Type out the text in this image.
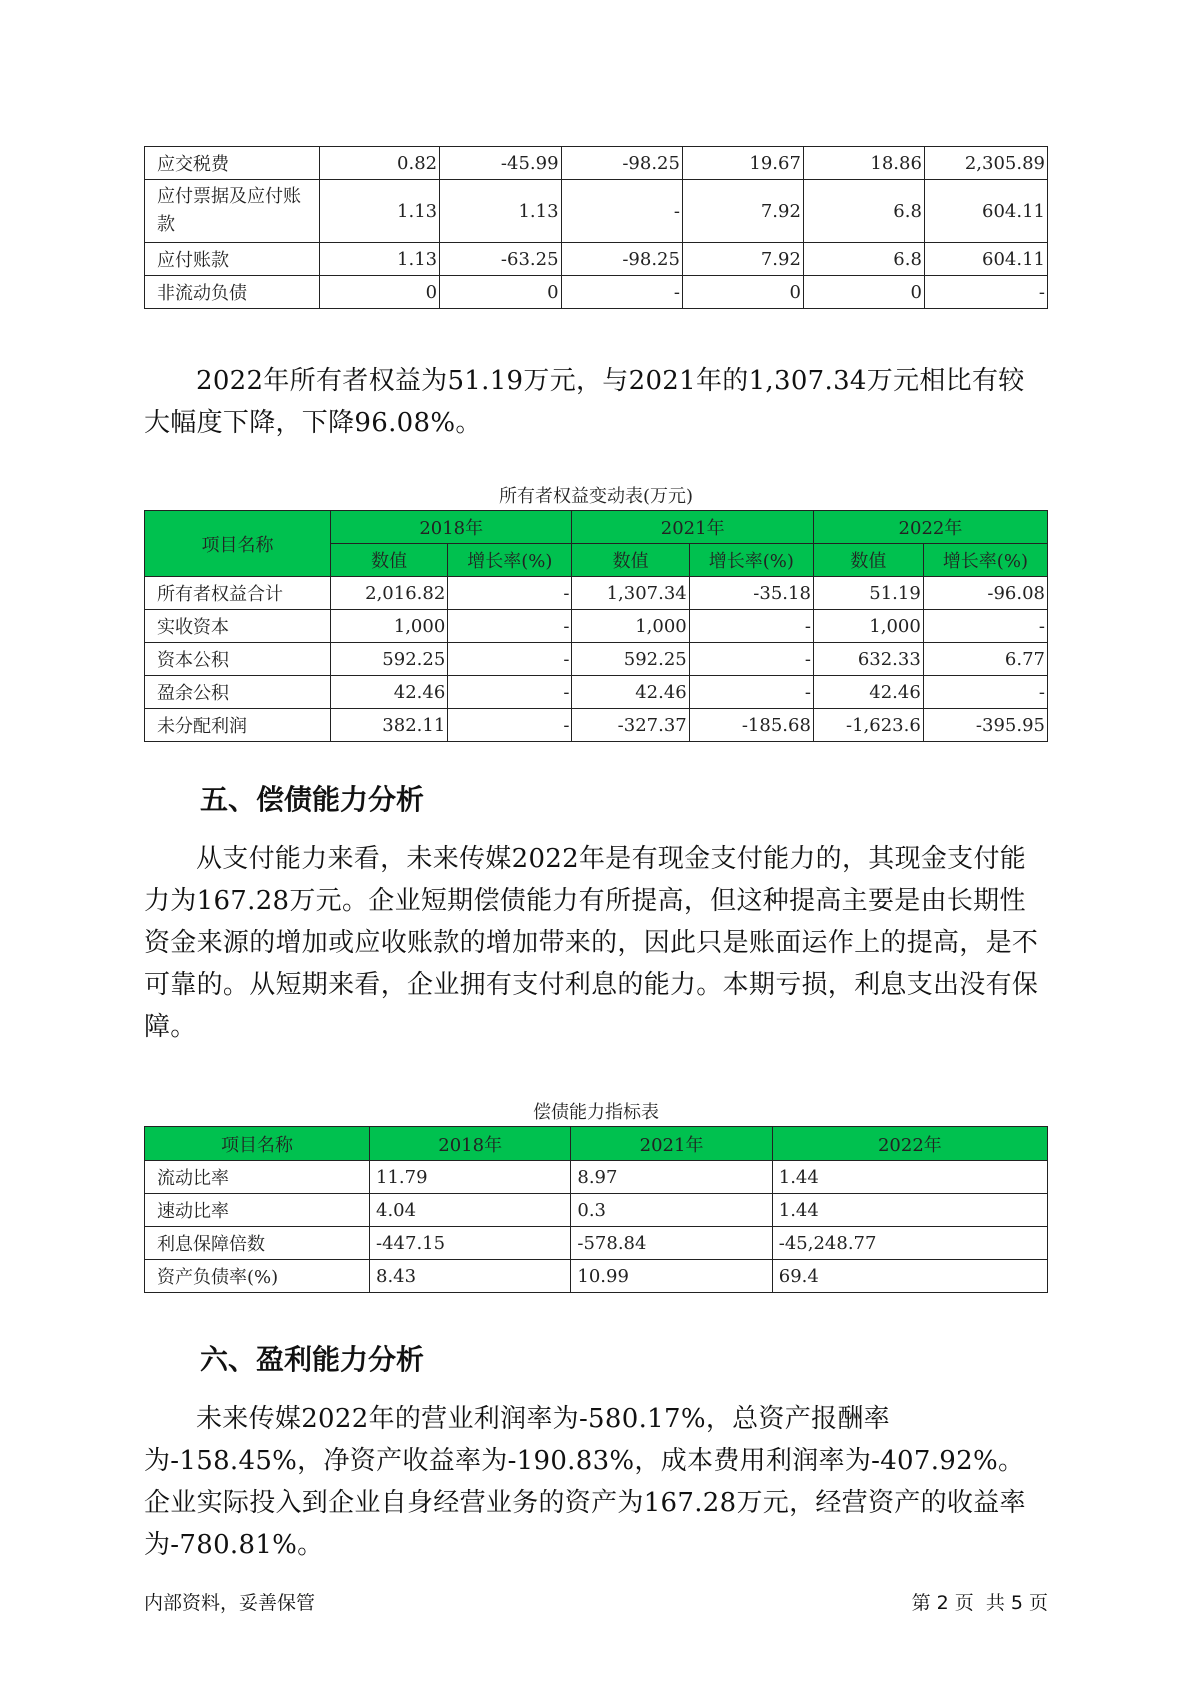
应交税费	0.82	-45.99	-98.25	19.67	18.86	2,305.89

应付票据及应付账款	1.13	1.13	-	7.92	6.8	604.11
应付账款	1.13	-63.25	-98.25	7.92	6.8	604.11
非流动负债	0	0	-	0	0	-
2022年所有者权益为51.19万元，与2021年的1,307.34万元相比有较大幅度下降，下降96.08%。
所有者权益变动表(万元)
项目名称	2018年		2021年		2022年	
	数值	增长率(%)	数值	增长率(%)	数值	增长率(%)
所有者权益合计	2,016.82	-	1,307.34	-35.18	51.19	-96.08
实收资本	1,000	-	1,000	-	1,000	-
资本公积	592.25	-	592.25	-	632.33	6.77
盈余公积	42.46	-	42.46	-	42.46	-
未分配利润	382.11	-	-327.37	-185.68	-1,623.6	-395.95
五、偿债能力分析
从支付能力来看，未来传媒2022年是有现金支付能力的，其现金支付能力为167.28万元。企业短期偿债能力有所提高，但这种提高主要是由长期性资金来源的增加或应收账款的增加带来的，因此只是账面运作上的提高，是不可靠的。从短期来看，企业拥有支付利息的能力。本期亏损，利息支出没有保障。
偿债能力指标表
项目名称	2018年	2021年	2022年
流动比率	11.79	8.97	1.44
速动比率	4.04	0.3	1.44
利息保障倍数	-447.15	-578.84	-45,248.77
资产负债率(%)	8.43	10.99	69.4
六、盈利能力分析
未来传媒2022年的营业利润率为-580.17%，总资产报酬率为-158.45%，净资产收益率为-190.83%，成本费用利润率为-407.92%。企业实际投入到企业自身经营业务的资产为167.28万元，经营资产的收益率为-780.81%。
内部资料，妥善保管	第 2 页  共 5 页
